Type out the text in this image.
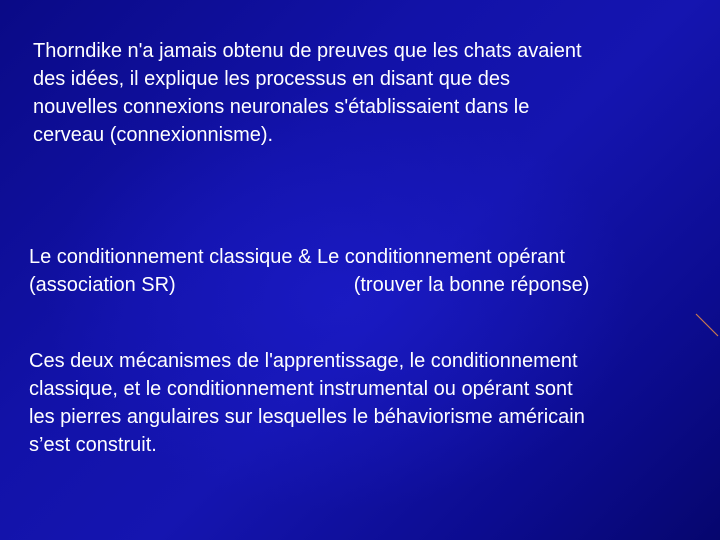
Thorndike n'a jamais obtenu de preuves que les chats avaient
des idées, il explique les processus en disant que des
nouvelles connexions neuronales s'établissaient dans le
cerveau (connexionnisme).

Le conditionnement classique & Le conditionnement opérant
(association SR)	(trouver la bonne réponse)

Ces deux mécanismes de l'apprentissage, le conditionnement
classique, et le conditionnement instrumental ou opérant sont
les pierres angulaires sur lesquelles le béhaviorisme américain
s’est construit.
